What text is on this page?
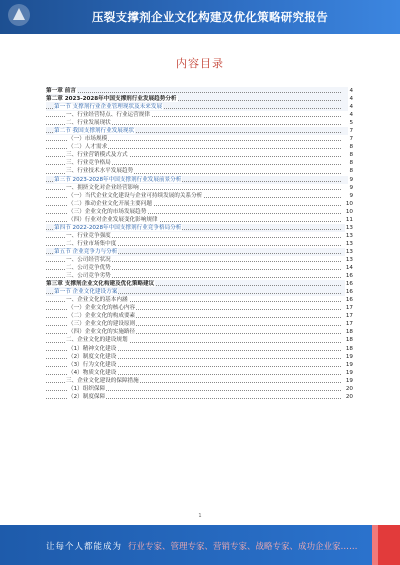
压裂支撑剂企业文化构建及优化策略研究报告
内容目录
第一章 前言	4
第二章 2023-2028年中国支撑剂行业发展趋势分析	4
第一节 支撑剂行业企业管理现状及未来发展	4
一、行业经营特点、行业运营规律	4
二、行业发展现状	5
第二节 我国支撑剂行业发展现状	7
（一）市场规模	7
（二）人才需求	8
三、行业营销模式及方式	8
三、行业竞争格局	8
三、行业技术水平发展趋势	8
第三节 2023-2028年中国支撑剂行业发展前景分析	9
一、拥挤文化对企业经营影响	9
（一）当代企业文化建设与企业可持续发展的关系分析	9
（二）推动企业文化开展主要问题	10
（三）企业文化的市场发展趋势	10
（四）行业对企业发展变化影响规律	11
第四节 2022-2028年中国支撑剂行业竞争格局分析	13
一、行业竞争强度	13
二、行业市场集中度	13
第五节 企业竞争力与分析	13
一、公司经营状况	13
二、公司竞争优势	14
三、公司竞争劣势	16
第三章 支撑剂企业文化构建及优化策略建议	16
第一节 企业文化建设方案	16
一、企业文化的基本内涵	16
（一）企业文化的核心内容	17
（二）企业文化的构成要素	17
（三）企业文化的建设原则	17
（四）企业文化的实施路径	18
二、企业文化的建设规划	18
（1）精神文化建设	18
（2）制度文化建设	19
（3）行为文化建设	19
（4）物质文化建设	19
三、企业文化建设的保障措施	19
（1）组织保障	20
（2）制度保障	20
1
让每个人都能成为 行业专家、管理专家、营销专家、战略专家、成功企业家……
